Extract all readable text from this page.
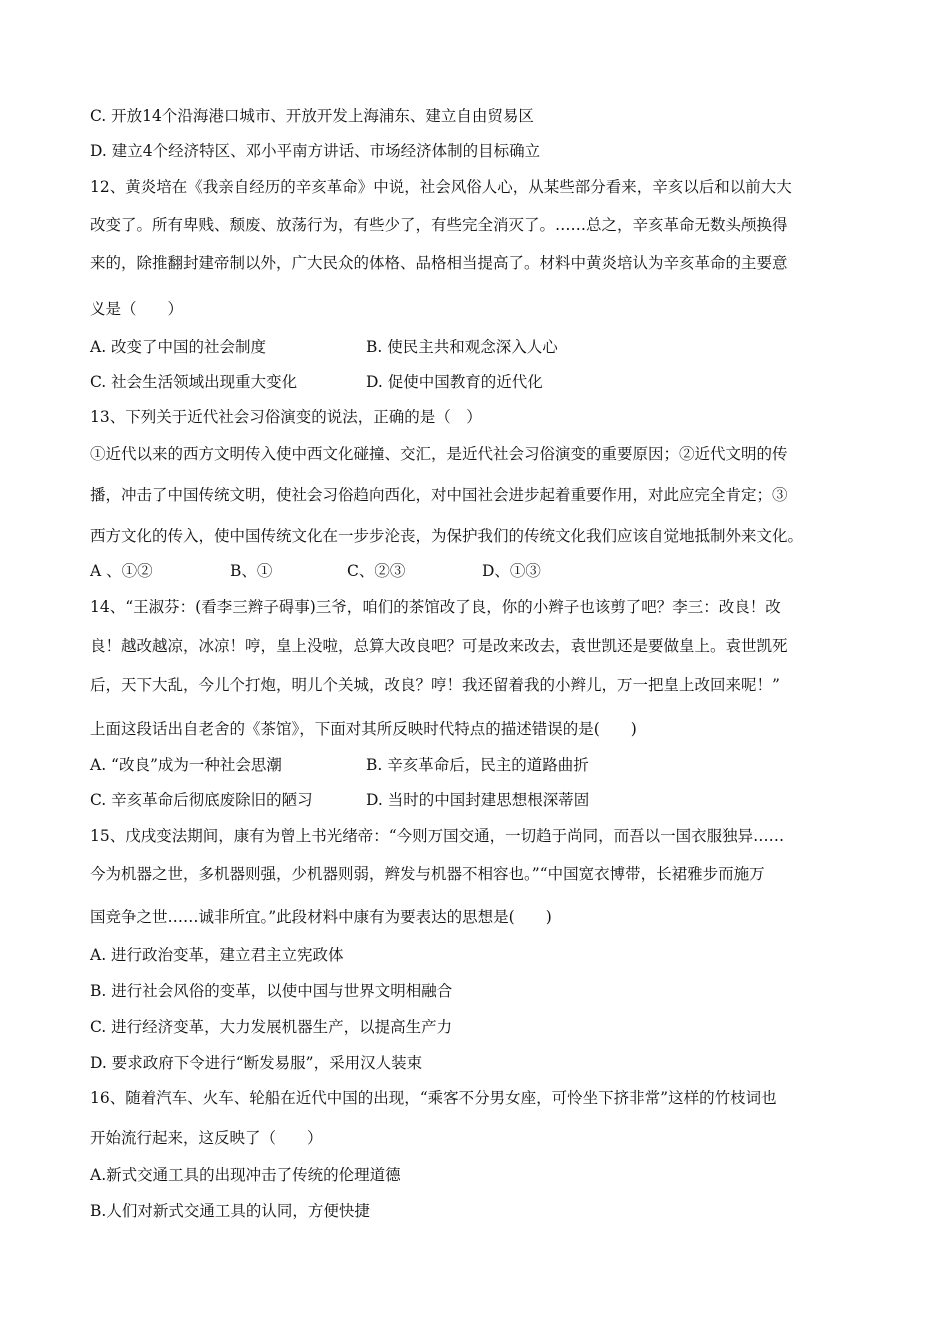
C. 开放14个沿海港口城市、开放开发上海浦东、建立自由贸易区
D. 建立4个经济特区、邓小平南方讲话、市场经济体制的目标确立
12、黄炎培在《我亲自经历的辛亥革命》中说，社会风俗人心，从某些部分看来，辛亥以后和以前大大
改变了。所有卑贱、颓废、放荡行为，有些少了，有些完全消灭了。……总之，辛亥革命无数头颅换得
来的，除推翻封建帝制以外，广大民众的体格、品格相当提高了。材料中黄炎培认为辛亥革命的主要意
义是（　　）
A. 改变了中国的社会制度	B. 使民主共和观念深入人心
C. 社会生活领域出现重大变化	D. 促使中国教育的近代化
13、下列关于近代社会习俗演变的说法，正确的是（　）
①近代以来的西方文明传入使中西文化碰撞、交汇，是近代社会习俗演变的重要原因；②近代文明的传
播，冲击了中国传统文明，使社会习俗趋向西化，对中国社会进步起着重要作用，对此应完全肯定；③
西方文化的传入，使中国传统文化在一步步沦丧，为保护我们的传统文化我们应该自觉地抵制外来文化。
A 、①②	B、①	C、②③	D、①③
14、“王淑芬：(看李三辫子碍事)三爷，咱们的茶馆改了良，你的小辫子也该剪了吧？李三：改良！改
良！越改越凉，冰凉！哼，皇上没啦，总算大改良吧？可是改来改去，袁世凯还是要做皇上。袁世凯死
后，天下大乱，今儿个打炮，明儿个关城，改良？哼！我还留着我的小辫儿，万一把皇上改回来呢！”
上面这段话出自老舍的《茶馆》，下面对其所反映时代特点的描述错误的是(　　)
A. “改良”成为一种社会思潮	B. 辛亥革命后，民主的道路曲折
C. 辛亥革命后彻底废除旧的陋习	D. 当时的中国封建思想根深蒂固
15、戊戌变法期间，康有为曾上书光绪帝：“今则万国交通，一切趋于尚同，而吾以一国衣服独异……
今为机器之世，多机器则强，少机器则弱，辫发与机器不相容也。”“中国宽衣博带，长裙雅步而施万
国竞争之世……诚非所宜。”此段材料中康有为要表达的思想是(　　)
A. 进行政治变革，建立君主立宪政体
B. 进行社会风俗的变革，以使中国与世界文明相融合
C. 进行经济变革，大力发展机器生产，以提高生产力
D. 要求政府下令进行“断发易服”，采用汉人装束
16、随着汽车、火车、轮船在近代中国的出现，“乘客不分男女座，可怜坐下挤非常”这样的竹枝词也
开始流行起来，这反映了（　　）
A.新式交通工具的出现冲击了传统的伦理道德
B.人们对新式交通工具的认同，方便快捷
